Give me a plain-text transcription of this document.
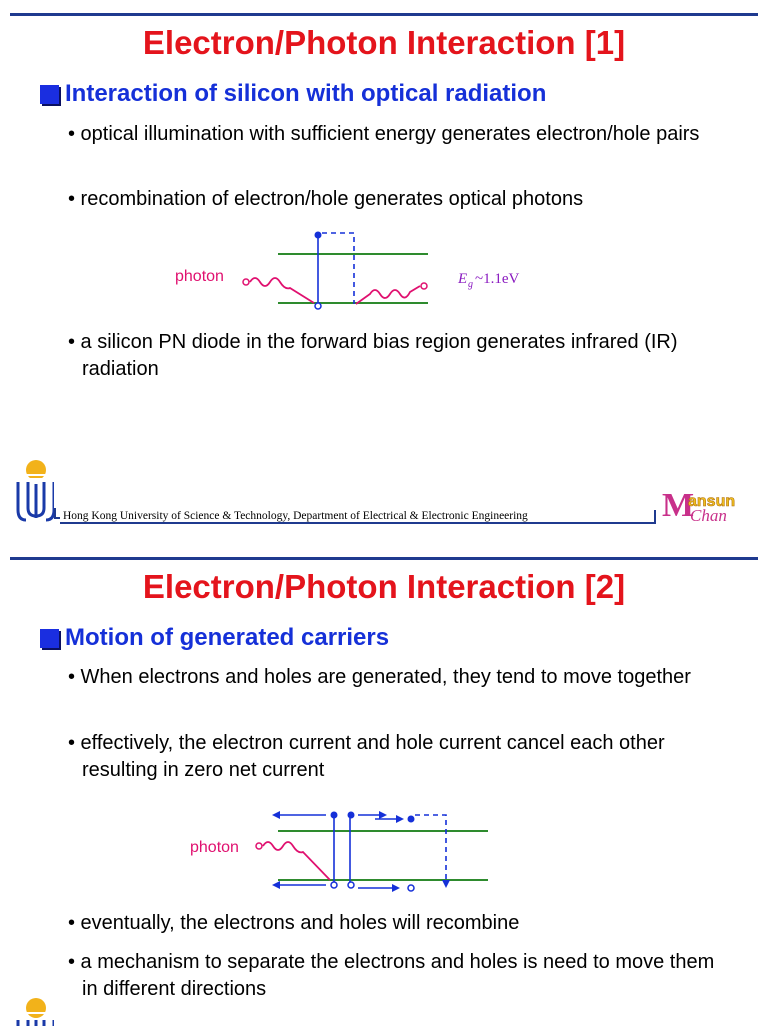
Electron/Photon Interaction [1]
Interaction of silicon with optical radiation
• optical illumination with sufficient energy generates electron/hole pairs
• recombination of electron/hole generates optical photons
photon	E g ~1.1eV
• a silicon PN diode in the forward bias region generates infrared (IR) radiation
Hong Kong University of Science & Technology, Department of Electrical & Electronic Engineering	M
ansun
Chan
Electron/Photon Interaction [2]
Motion of generated carriers
• When electrons and holes are generated, they tend to move together
• effectively, the electron current and hole current cancel each other resulting in zero net current
photon
• eventually, the electrons and holes will recombine
• a mechanism to separate the electrons and holes is need to move them in different directions
